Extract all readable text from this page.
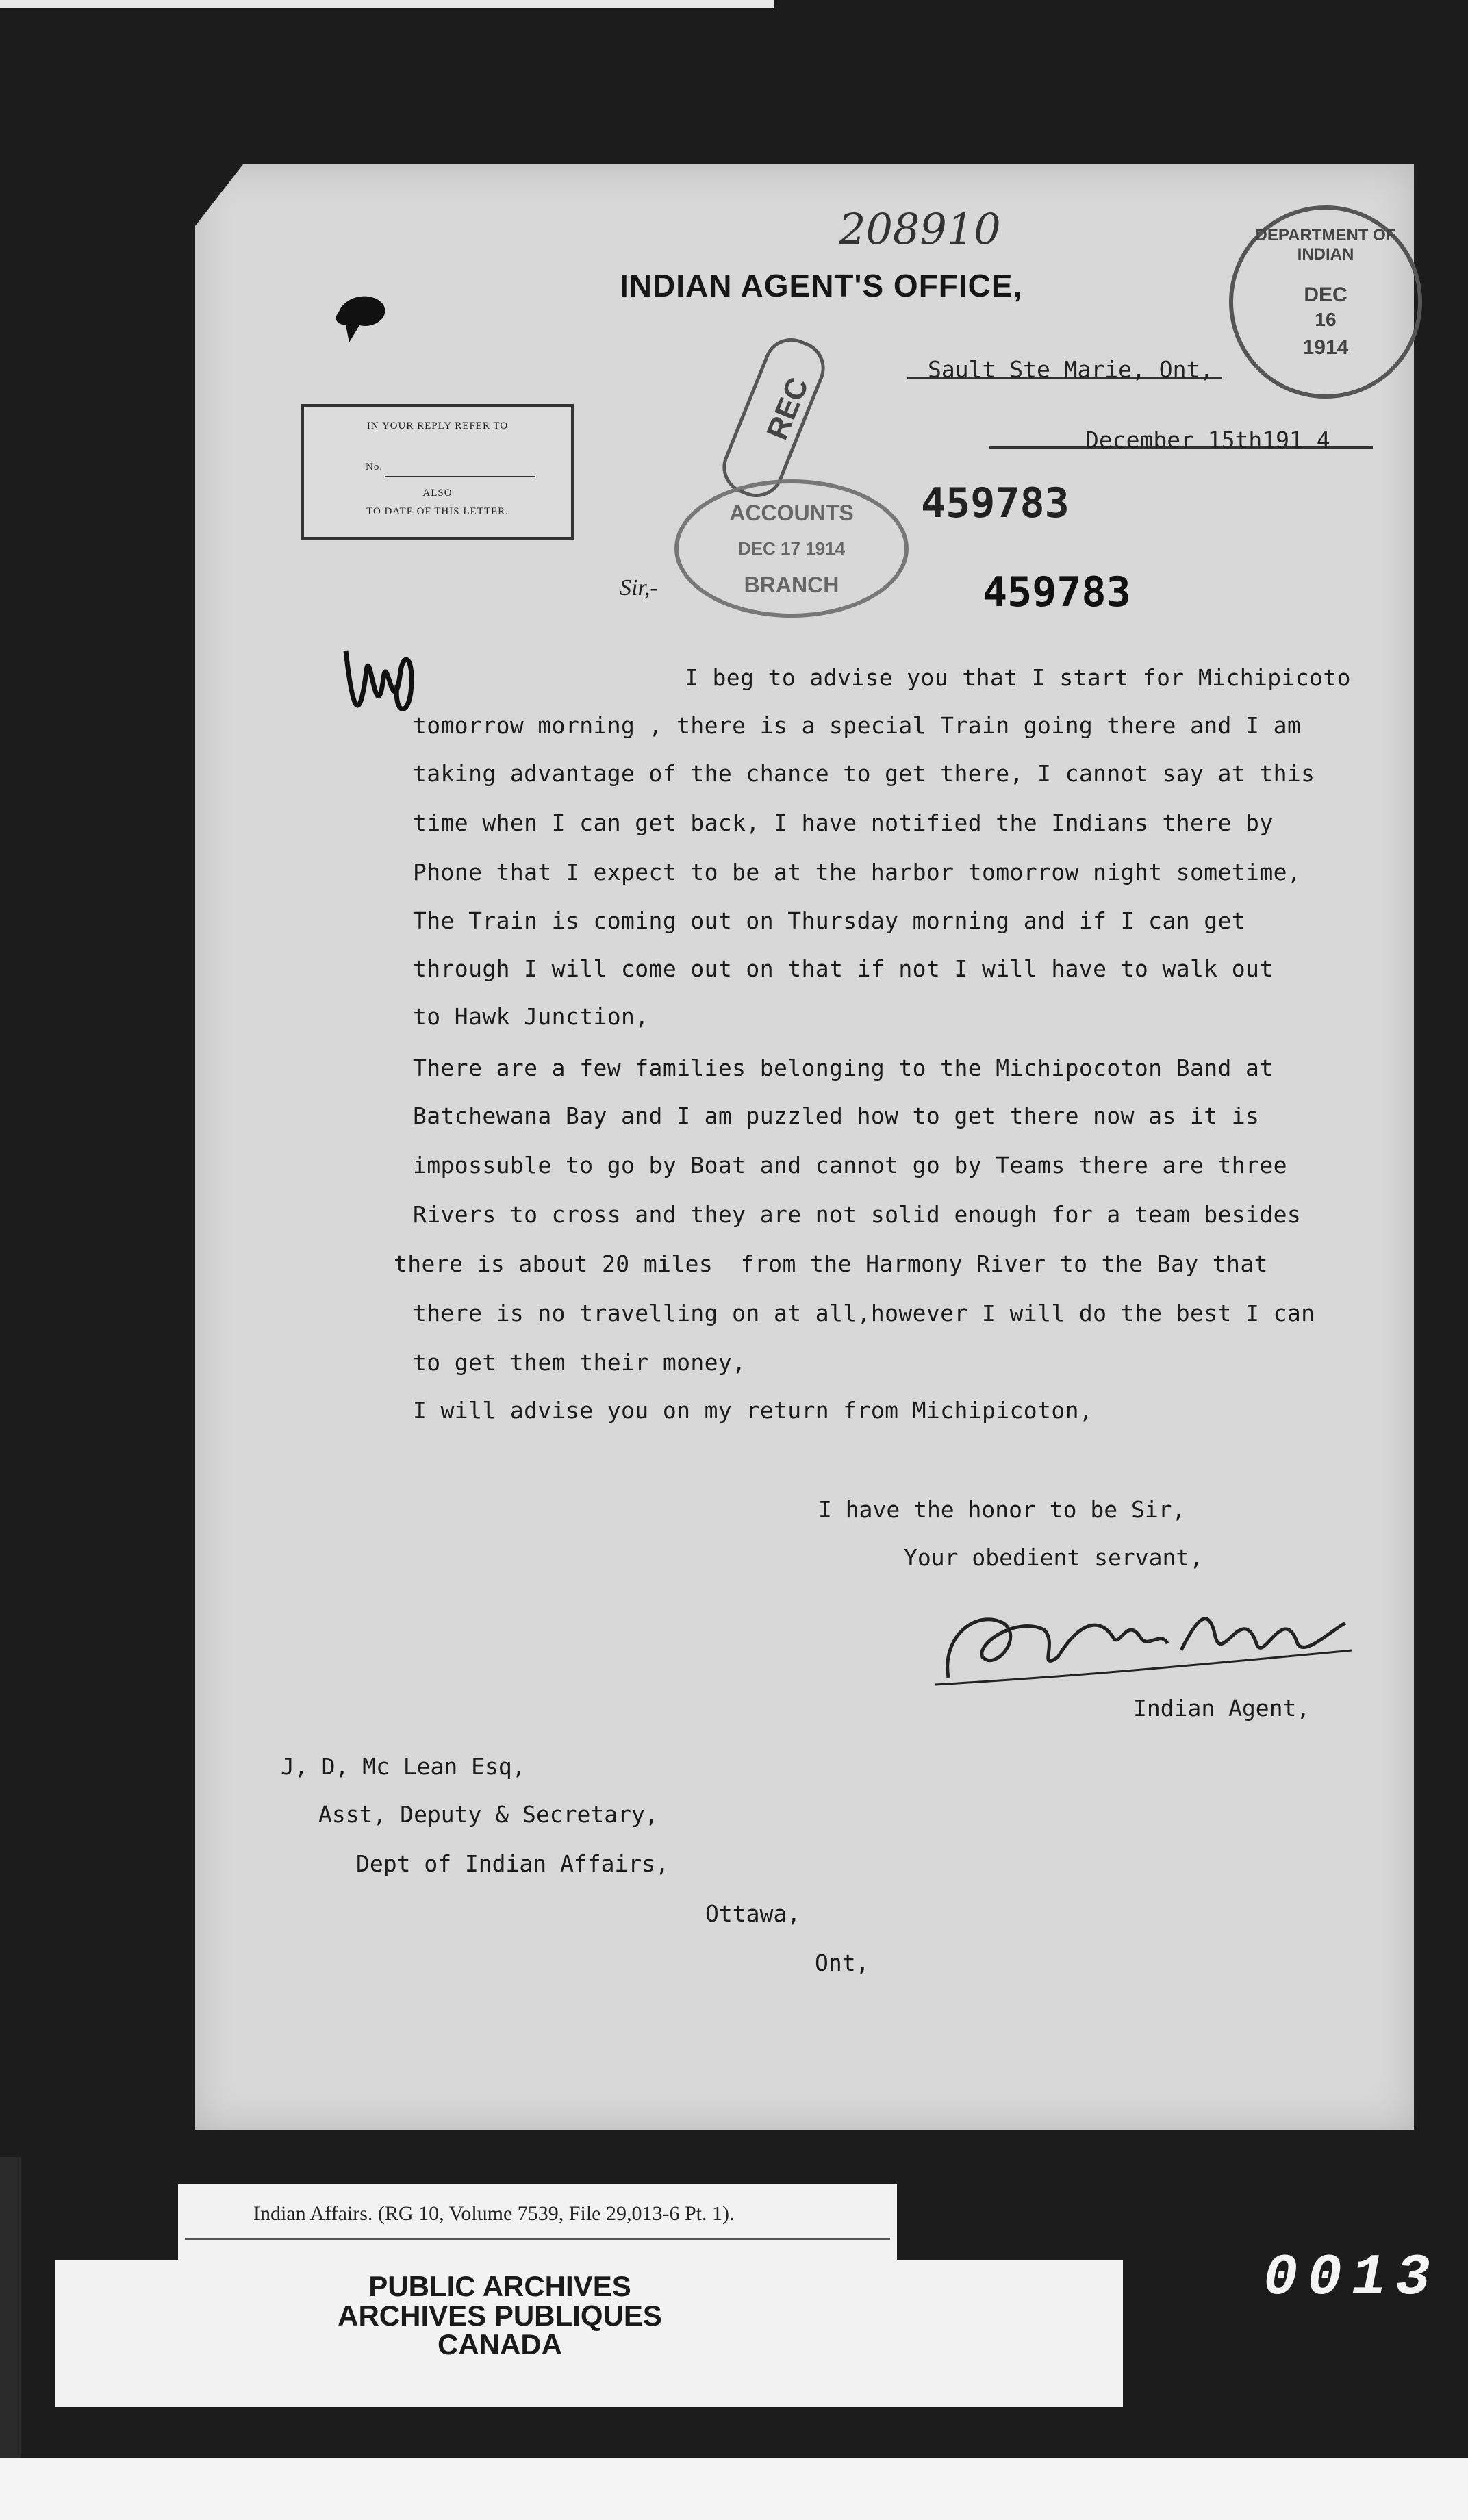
208910
INDIAN AGENT'S OFFICE,
DEPARTMENT OF INDIAN
DEC
16
1914
Sault Ste Marie, Ont,
December 15th191 4
IN YOUR REPLY REFER TO
No.
ALSO
TO DATE OF THIS LETTER.
REC
ACCOUNTS
DEC 17 1914
BRANCH
459783
459783
Sir,-
I beg to advise you that I start for Michipicoto
tomorrow morning , there is a special Train going there and I am
taking advantage of the chance to get there, I cannot say at this
time when I can get back, I have notified the Indians there by
Phone that I expect to be at the harbor tomorrow night sometime,
The Train is coming out on Thursday morning and if I can get
through I will come out on that if not I will have to walk out
to Hawk Junction,
There are a few families belonging to the Michipocoton Band at
Batchewana Bay and I am puzzled how to get there now as it is
impossuble to go by Boat and cannot go by Teams there are three
Rivers to cross and they are not solid enough for a team besides
there is about 20 miles  from the Harmony River to the Bay that
there is no travelling on at all,however I will do the best I can
to get them their money,
I will advise you on my return from Michipicoton,
I have the honor to be Sir,
Your obedient servant,
Indian Agent,
J, D, Mc Lean Esq,
Asst, Deputy & Secretary,
Dept of Indian Affairs,
Ottawa,
Ont,
Indian Affairs. (RG 10, Volume 7539, File 29,013-6 Pt. 1).
PUBLIC ARCHIVES
ARCHIVES PUBLIQUES
CANADA
0013
